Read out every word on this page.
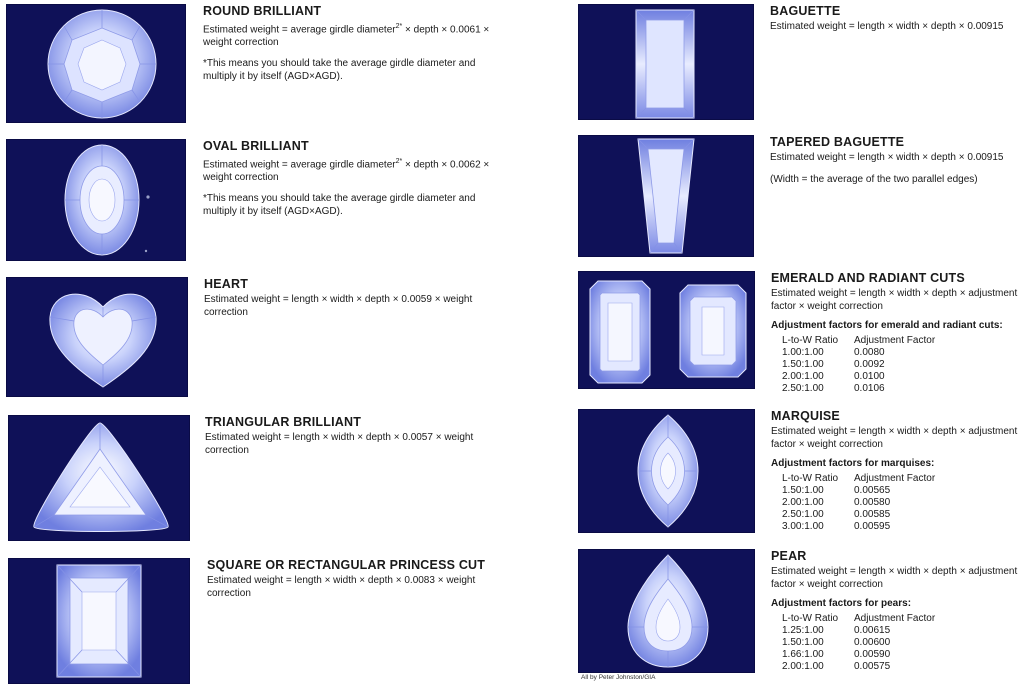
ROUND BRILLIANT
Estimated weight = average girdle diameter$^{2*}$ × depth × 0.0061 × weight correction
*This means you should take the average girdle diameter and multiply it by itself (AGD×AGD).
OVAL BRILLIANT
Estimated weight = average girdle diameter$^{2*}$ × depth × 0.0062 × weight correction
*This means you should take the average girdle diameter and multiply it by itself (AGD×AGD).
HEART
Estimated weight = length × width × depth × 0.0059 × weight correction
TRIANGULAR BRILLIANT
Estimated weight = length × width × depth × 0.0057 × weight correction
SQUARE OR RECTANGULAR PRINCESS CUT
Estimated weight = length × width × depth × 0.0083 × weight correction
BAGUETTE
Estimated weight = length × width × depth × 0.00915
TAPERED BAGUETTE
Estimated weight = length × width × depth × 0.00915
(Width = the average of the two parallel edges)
EMERALD AND RADIANT CUTS
Estimated weight = length × width × depth × adjustment factor × weight correction
Adjustment factors for emerald and radiant cuts:
L-to-W Ratio	Adjustment Factor
1.00:1.00	0.0080
1.50:1.00	0.0092
2.00:1.00	0.0100
2.50:1.00	0.0106
MARQUISE
Estimated weight = length × width × depth × adjustment factor × weight correction
Adjustment factors for marquises:
L-to-W Ratio	Adjustment Factor
1.50:1.00	0.00565
2.00:1.00	0.00580
2.50:1.00	0.00585
3.00:1.00	0.00595
PEAR
Estimated weight = length × width × depth × adjustment factor × weight correction
Adjustment factors for pears:
L-to-W Ratio	Adjustment Factor
1.25:1.00	0.00615
1.50:1.00	0.00600
1.66:1.00	0.00590
2.00:1.00	0.00575
All by Peter Johnston/GIA
